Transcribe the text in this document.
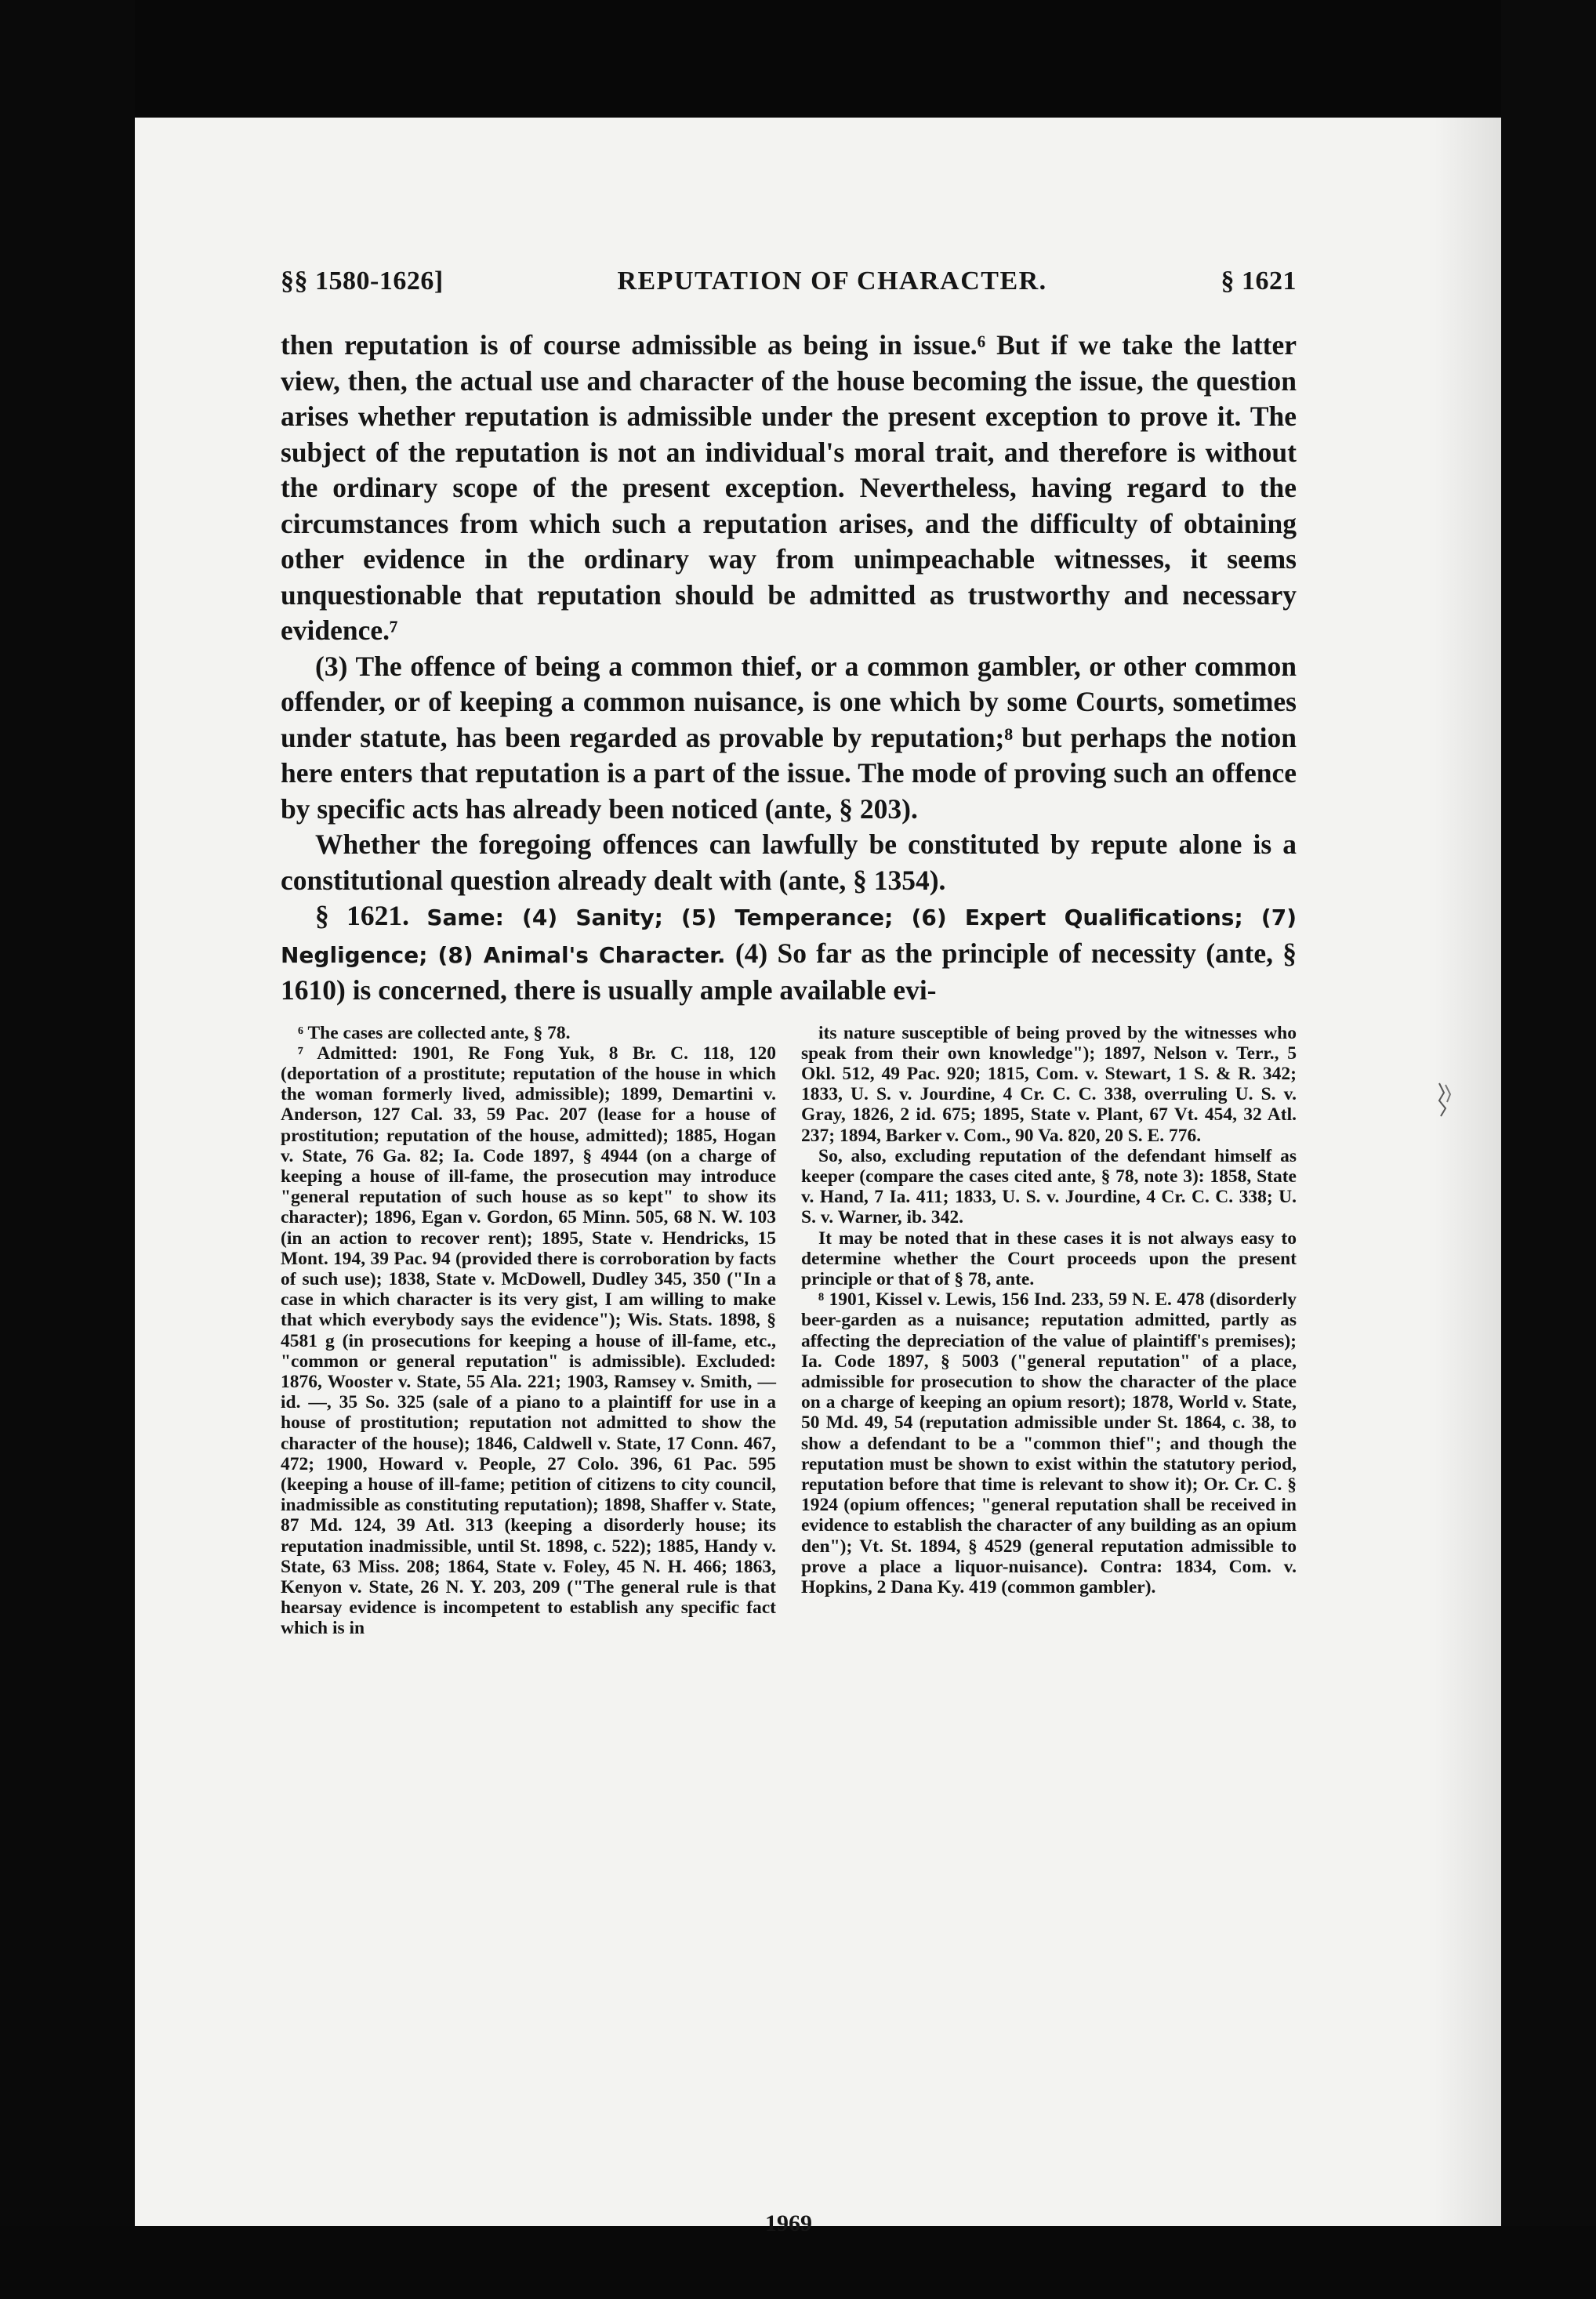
§§ 1580-1626]	REPUTATION OF CHARACTER.	§ 1621

then reputation is of course admissible as being in issue.⁶ But if we take the latter view, then, the actual use and character of the house becoming the issue, the question arises whether reputation is admissible under the present exception to prove it. The subject of the reputation is not an individual's moral trait, and therefore is without the ordinary scope of the present exception. Nevertheless, having regard to the circumstances from which such a reputation arises, and the difficulty of obtaining other evidence in the ordinary way from unimpeachable witnesses, it seems unquestionable that reputation should be admitted as trustworthy and necessary evidence.⁷

(3) The offence of being a common thief, or a common gambler, or other common offender, or of keeping a common nuisance, is one which by some Courts, sometimes under statute, has been regarded as provable by reputation;⁸ but perhaps the notion here enters that reputation is a part of the issue. The mode of proving such an offence by specific acts has already been noticed (ante, § 203).

Whether the foregoing offences can lawfully be constituted by repute alone is a constitutional question already dealt with (ante, § 1354).

§ 1621. Same: (4) Sanity; (5) Temperance; (6) Expert Qualifications; (7) Negligence; (8) Animal's Character. (4) So far as the principle of necessity (ante, § 1610) is concerned, there is usually ample available evi-

⁶ The cases are collected ante, § 78.

⁷ Admitted: 1901, Re Fong Yuk, 8 Br. C. 118, 120 (deportation of a prostitute; reputation of the house in which the woman formerly lived, admissible); 1899, Demartini v. Anderson, 127 Cal. 33, 59 Pac. 207 (lease for a house of prostitution; reputation of the house, admitted); 1885, Hogan v. State, 76 Ga. 82; Ia. Code 1897, § 4944 (on a charge of keeping a house of ill-fame, the prosecution may introduce "general reputation of such house as so kept" to show its character); 1896, Egan v. Gordon, 65 Minn. 505, 68 N. W. 103 (in an action to recover rent); 1895, State v. Hendricks, 15 Mont. 194, 39 Pac. 94 (provided there is corroboration by facts of such use); 1838, State v. McDowell, Dudley 345, 350 ("In a case in which character is its very gist, I am willing to make that which everybody says the evidence"); Wis. Stats. 1898, § 4581 g (in prosecutions for keeping a house of ill-fame, etc., "common or general reputation" is admissible). Excluded: 1876, Wooster v. State, 55 Ala. 221; 1903, Ramsey v. Smith, — id. —, 35 So. 325 (sale of a piano to a plaintiff for use in a house of prostitution; reputation not admitted to show the character of the house); 1846, Caldwell v. State, 17 Conn. 467, 472; 1900, Howard v. People, 27 Colo. 396, 61 Pac. 595 (keeping a house of ill-fame; petition of citizens to city council, inadmissible as constituting reputation); 1898, Shaffer v. State, 87 Md. 124, 39 Atl. 313 (keeping a disorderly house; its reputation inadmissible, until St. 1898, c. 522); 1885, Handy v. State, 63 Miss. 208; 1864, State v. Foley, 45 N. H. 466; 1863, Kenyon v. State, 26 N. Y. 203, 209 ("The general rule is that hearsay evidence is incompetent to establish any specific fact which is in

its nature susceptible of being proved by the witnesses who speak from their own knowledge"); 1897, Nelson v. Terr., 5 Okl. 512, 49 Pac. 920; 1815, Com. v. Stewart, 1 S. & R. 342; 1833, U. S. v. Jourdine, 4 Cr. C. C. 338, overruling U. S. v. Gray, 1826, 2 id. 675; 1895, State v. Plant, 67 Vt. 454, 32 Atl. 237; 1894, Barker v. Com., 90 Va. 820, 20 S. E. 776.

So, also, excluding reputation of the defendant himself as keeper (compare the cases cited ante, § 78, note 3): 1858, State v. Hand, 7 Ia. 411; 1833, U. S. v. Jourdine, 4 Cr. C. C. 338; U. S. v. Warner, ib. 342.

It may be noted that in these cases it is not always easy to determine whether the Court proceeds upon the present principle or that of § 78, ante.

⁸ 1901, Kissel v. Lewis, 156 Ind. 233, 59 N. E. 478 (disorderly beer-garden as a nuisance; reputation admitted, partly as affecting the depreciation of the value of plaintiff's premises); Ia. Code 1897, § 5003 ("general reputation" of a place, admissible for prosecution to show the character of the place on a charge of keeping an opium resort); 1878, World v. State, 50 Md. 49, 54 (reputation admissible under St. 1864, c. 38, to show a defendant to be a "common thief"; and though the reputation must be shown to exist within the statutory period, reputation before that time is relevant to show it); Or. Cr. C. § 1924 (opium offences; "general reputation shall be received in evidence to establish the character of any building as an opium den"); Vt. St. 1894, § 4529 (general reputation admissible to prove a place a liquor-nuisance). Contra: 1834, Com. v. Hopkins, 2 Dana Ky. 419 (common gambler).

1969
